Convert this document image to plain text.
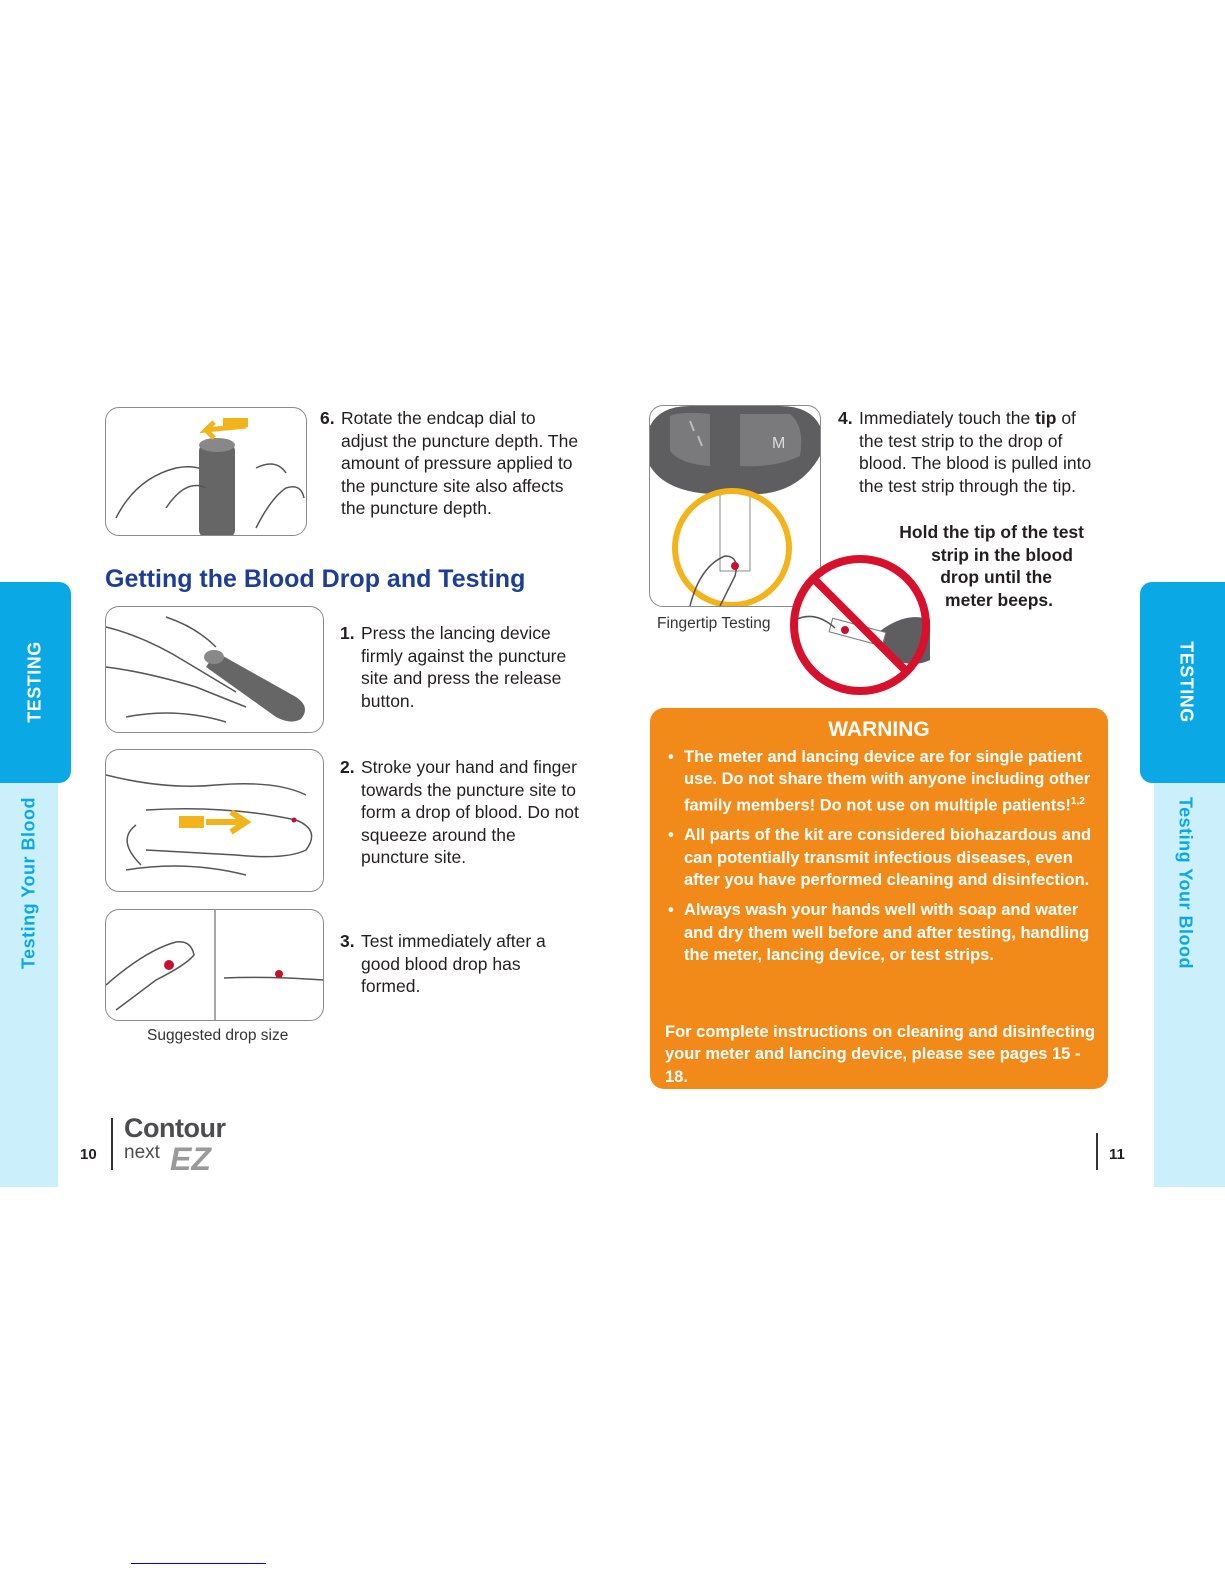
TESTING
Testing Your Blood
TESTING
Testing Your Blood
6. Rotate the endcap dial to adjust the puncture depth. The amount of pressure applied to the puncture site also affects the puncture depth.
Getting the Blood Drop and Testing
1. Press the lancing device firmly against the puncture site and press the release button.
2. Stroke your hand and finger towards the puncture site to form a drop of blood. Do not squeeze around the puncture site.
3. Test immediately after a good blood drop has formed.
Suggested drop size
10
Contour
next EZ
M
Fingertip Testing
4. Immediately touch the tip of the test strip to the drop of blood. The blood is pulled into the test strip through the tip.
Hold the tip of the test
strip in the blood
drop until the
meter beeps.
WARNING
• The meter and lancing device are for single patient use. Do not share them with anyone including other family members! Do not use on multiple patients!$^{1,2}$
• All parts of the kit are considered biohazardous and can potentially transmit infectious diseases, even after you have performed cleaning and disinfection.
• Always wash your hands well with soap and water and dry them well before and after testing, handling the meter, lancing device, or test strips.
For complete instructions on cleaning and disinfecting your meter and lancing device, please see pages 15 - 18.
11
